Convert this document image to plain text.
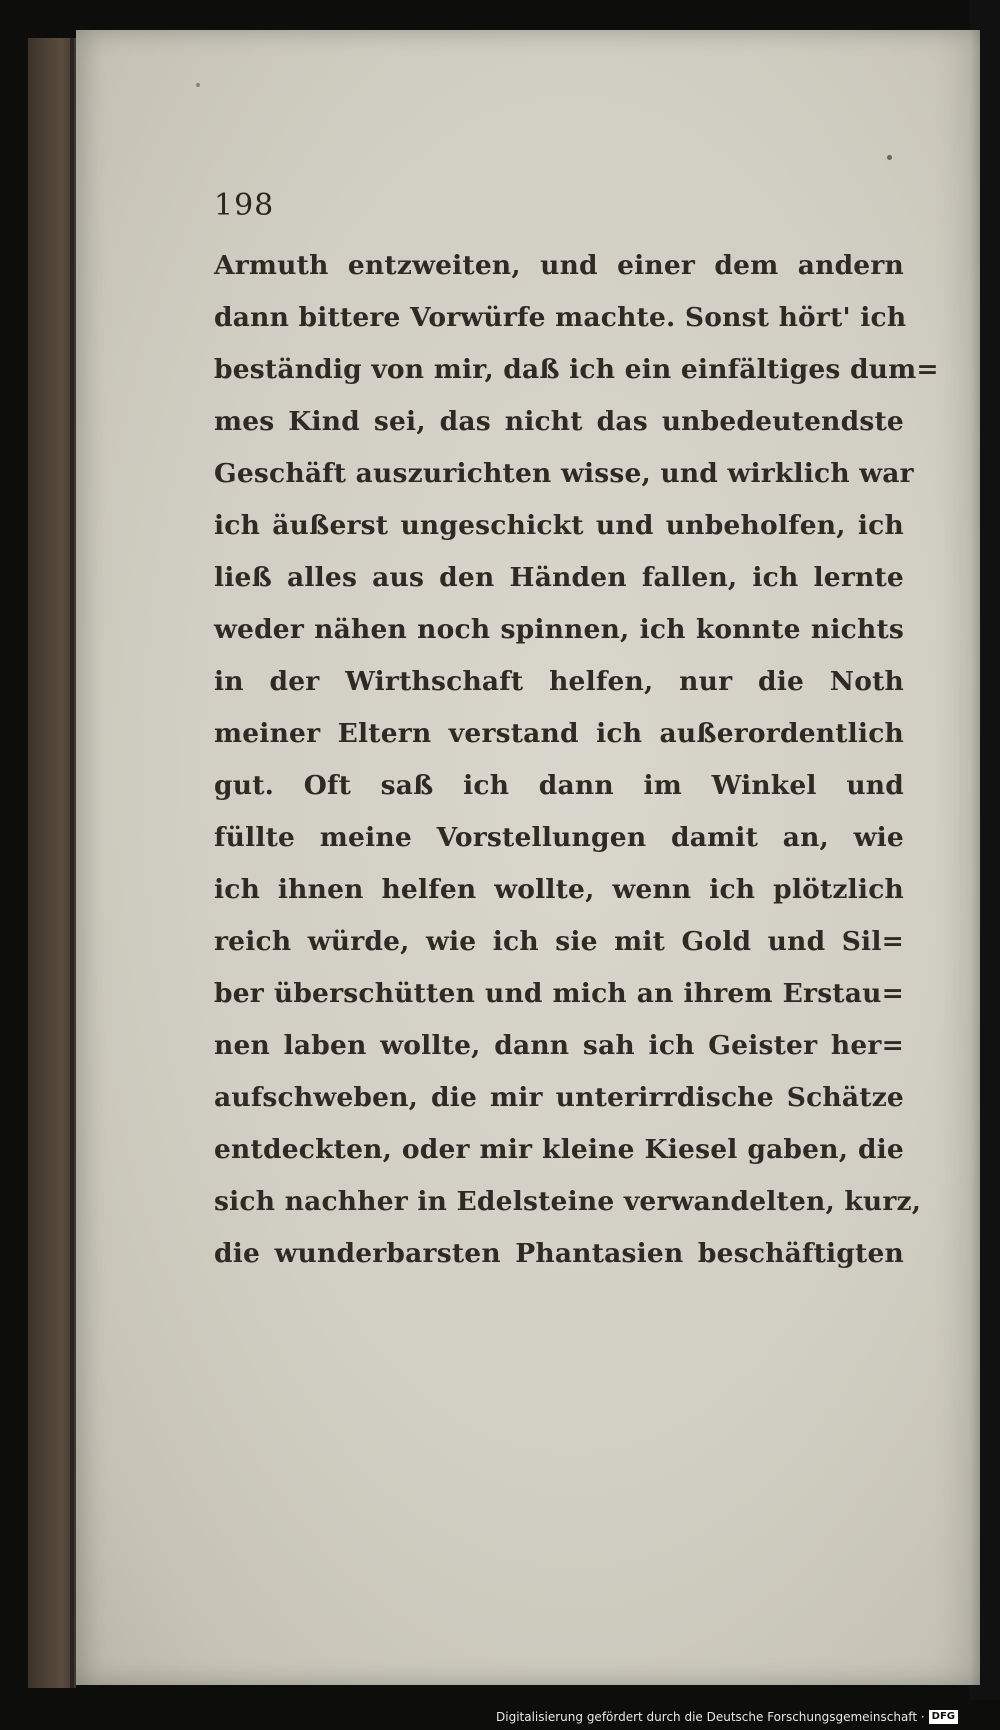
198
Armuth entzweiten, und einer dem andern
dann bittere Vorwürfe machte. Sonst hört' ich
beständig von mir, daß ich ein einfältiges dum=
mes Kind sei, das nicht das unbedeutendste
Geschäft auszurichten wisse, und wirklich war
ich äußerst ungeschickt und unbeholfen, ich
ließ alles aus den Händen fallen, ich lernte
weder nähen noch spinnen, ich konnte nichts
in der Wirthschaft helfen, nur die Noth
meiner Eltern verstand ich außerordentlich
gut. Oft saß ich dann im Winkel und
füllte meine Vorstellungen damit an, wie
ich ihnen helfen wollte, wenn ich plötzlich
reich würde, wie ich sie mit Gold und Sil=
ber überschütten und mich an ihrem Erstau=
nen laben wollte, dann sah ich Geister her=
aufschweben, die mir unterirrdische Schätze
entdeckten, oder mir kleine Kiesel gaben, die
sich nachher in Edelsteine verwandelten, kurz,
die wunderbarsten Phantasien beschäftigten
Digitalisierung gefördert durch die Deutsche Forschungsgemeinschaft · DFG
